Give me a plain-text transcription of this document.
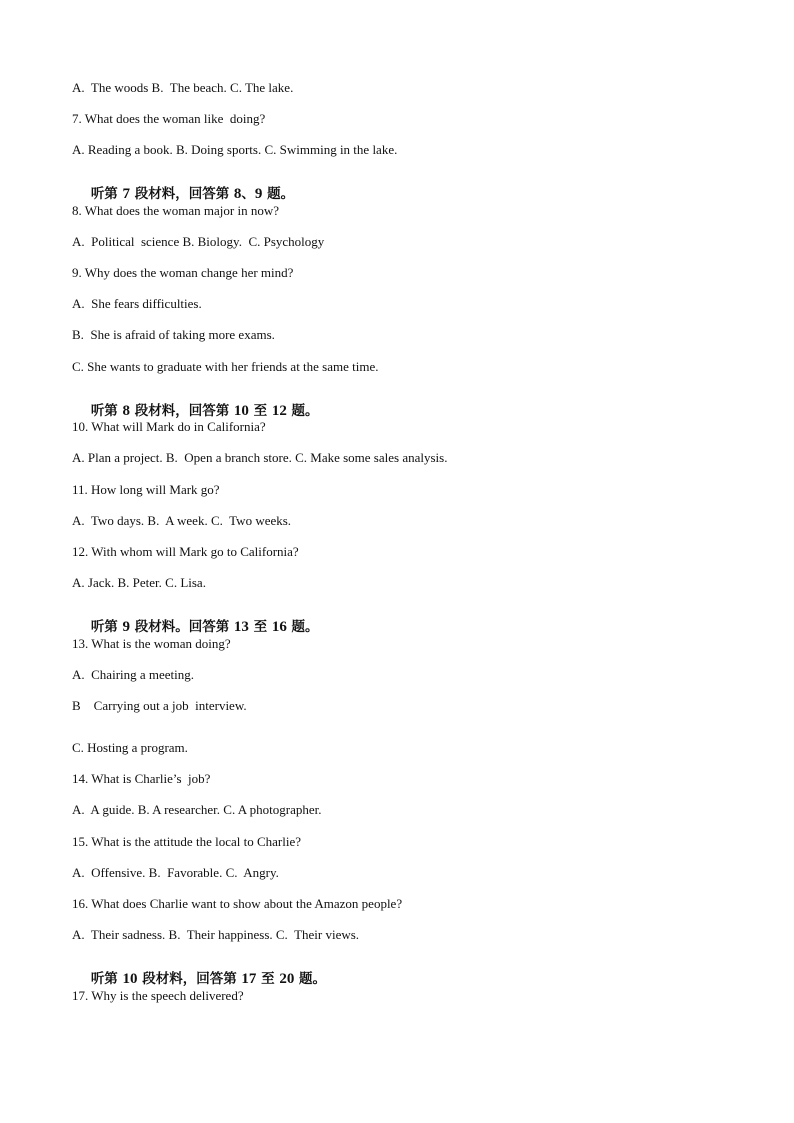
A.  The woods B.  The beach. C. The lake.
7. What does the woman like  doing?
A. Reading a book. B. Doing sports. C. Swimming in the lake.

听第 7 段材料，回答第 8、9 题。

8. What does the woman major in now?
A.  Political  science B. Biology.  C. Psychology
9. Why does the woman change her mind?
A.  She fears difficulties.
B.  She is afraid of taking more exams.
C. She wants to graduate with her friends at the same time.

听第 8 段材料，回答第 10 至 12 题。

10. What will Mark do in California?
A. Plan a project. B.  Open a branch store. C. Make some sales analysis.
11. How long will Mark go?
A.  Two days. B.  A week. C.  Two weeks.
12. With whom will Mark go to California?
A. Jack. B. Peter. C. Lisa.

听第 9 段材料。回答第 13 至 16 题。

13. What is the woman doing?
A.  Chairing a meeting.
B    Carrying out a job  interview.
C. Hosting a program.
14. What is Charlie’s  job?
A.  A guide. B. A researcher. C. A photographer.
15. What is the attitude the local to Charlie?
A.  Offensive. B.  Favorable. C.  Angry.
16. What does Charlie want to show about the Amazon people?
A.  Their sadness. B.  Their happiness. C.  Their views.

听第 10 段材料，回答第 17 至 20 题。

17. Why is the speech delivered?
